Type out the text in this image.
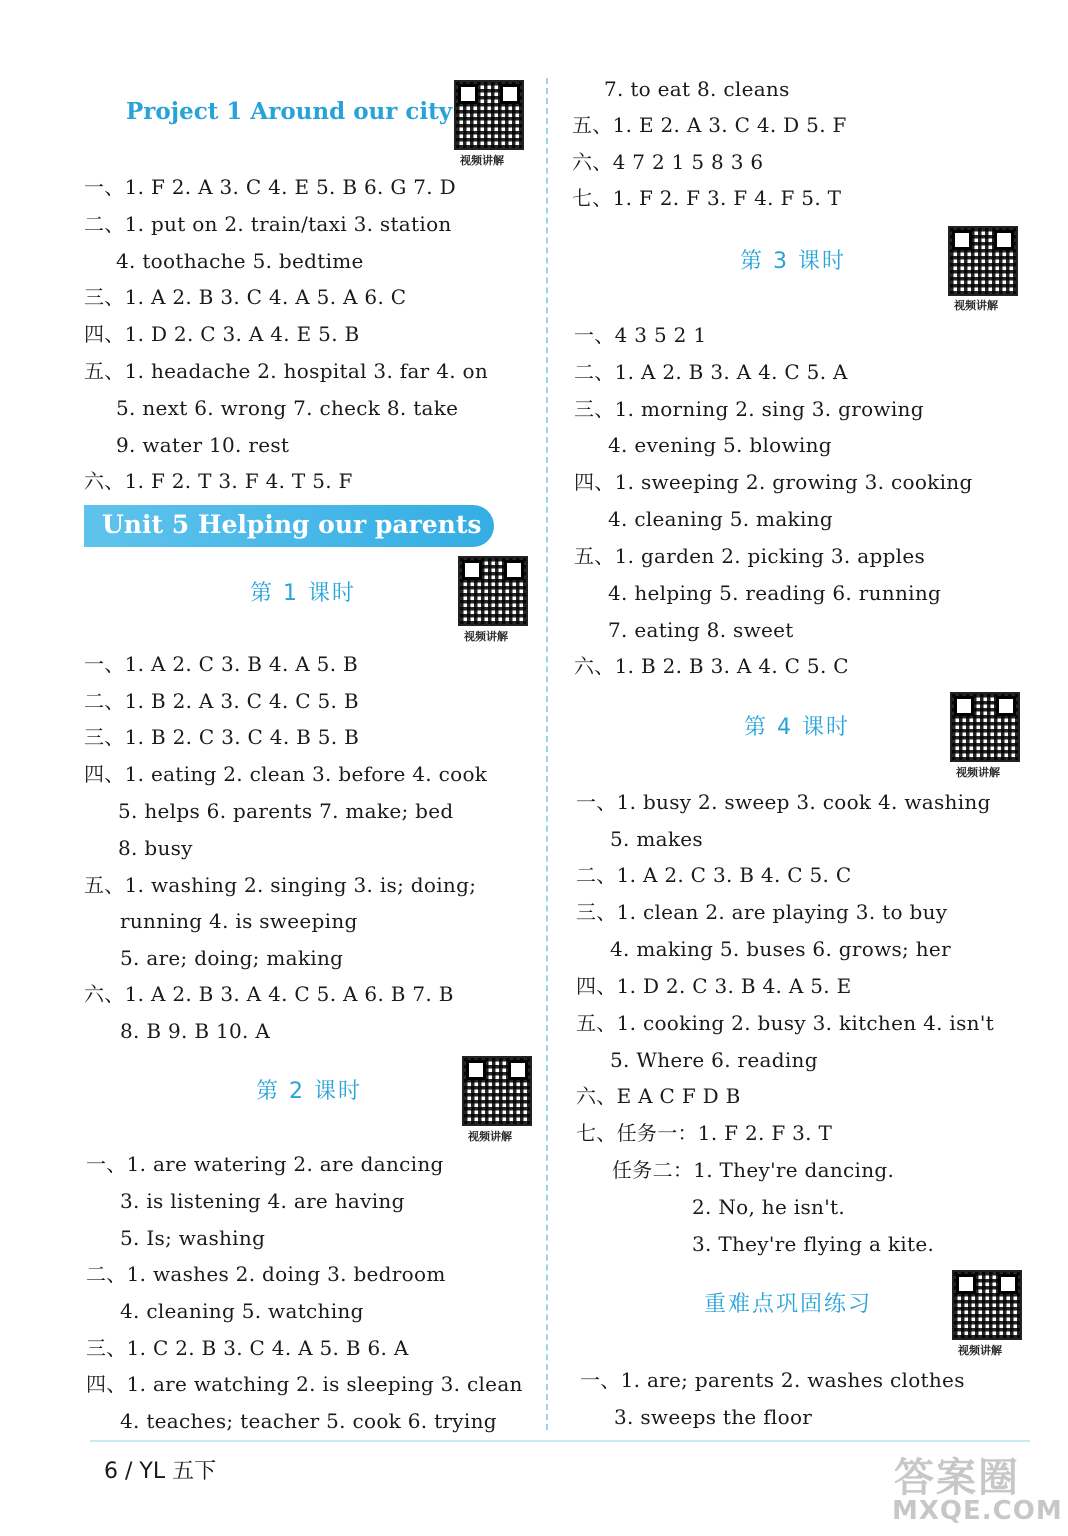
Project 1 Around our city
视频讲解
一、1. F 2. A 3. C 4. E 5. B 6. G 7. D
二、1. put on 2. train/taxi 3. station
4. toothache 5. bedtime
三、1. A 2. B 3. C 4. A 5. A 6. C
四、1. D 2. C 3. A 4. E 5. B
五、1. headache 2. hospital 3. far 4. on
5. next 6. wrong 7. check 8. take
9. water 10. rest
六、1. F 2. T 3. F 4. T 5. F
Unit 5 Helping our parents
第 1 课时
视频讲解
一、1. A 2. C 3. B 4. A 5. B
二、1. B 2. A 3. C 4. C 5. B
三、1. B 2. C 3. C 4. B 5. B
四、1. eating 2. clean 3. before 4. cook
5. helps 6. parents 7. make; bed
8. busy
五、1. washing 2. singing 3. is; doing;
running 4. is sweeping
5. are; doing; making
六、1. A 2. B 3. A 4. C 5. A 6. B 7. B
8. B 9. B 10. A
第 2 课时
视频讲解
一、1. are watering 2. are dancing
3. is listening 4. are having
5. Is; washing
二、1. washes 2. doing 3. bedroom
4. cleaning 5. watching
三、1. C 2. B 3. C 4. A 5. B 6. A
四、1. are watching 2. is sleeping 3. clean
4. teaches; teacher 5. cook 6. trying
7. to eat 8. cleans
五、1. E 2. A 3. C 4. D 5. F
六、4 7 2 1 5 8 3 6
七、1. F 2. F 3. F 4. F 5. T
第 3 课时
视频讲解
一、4 3 5 2 1
二、1. A 2. B 3. A 4. C 5. A
三、1. morning 2. sing 3. growing
4. evening 5. blowing
四、1. sweeping 2. growing 3. cooking
4. cleaning 5. making
五、1. garden 2. picking 3. apples
4. helping 5. reading 6. running
7. eating 8. sweet
六、1. B 2. B 3. A 4. C 5. C
第 4 课时
视频讲解
一、1. busy 2. sweep 3. cook 4. washing
5. makes
二、1. A 2. C 3. B 4. C 5. C
三、1. clean 2. are playing 3. to buy
4. making 5. buses 6. grows; her
四、1. D 2. C 3. B 4. A 5. E
五、1. cooking 2. busy 3. kitchen 4. isn't
5. Where 6. reading
六、E A C F D B
七、任务一：1. F 2. F 3. T
任务二：1. They're dancing.
2. No, he isn't.
3. They're flying a kite.
重难点巩固练习
视频讲解
一、1. are; parents 2. washes clothes
3. sweeps the floor
6 / YL 五下	答案圈
MXQE.COM
